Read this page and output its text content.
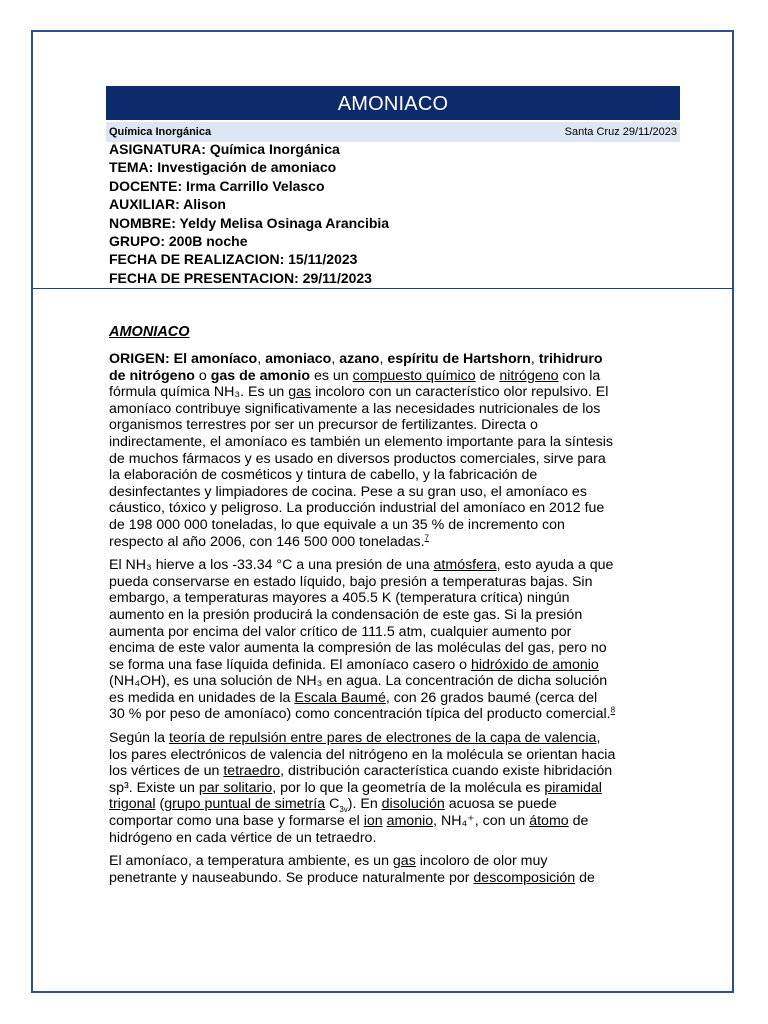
AMONIACO
Química Inorgánica	Santa Cruz 29/11/2023
ASIGNATURA: Química Inorgánica
TEMA: Investigación de amoniaco
DOCENTE: Irma Carrillo Velasco
AUXILIAR: Alison
NOMBRE: Yeldy Melisa Osinaga Arancibia
GRUPO: 200B noche
FECHA DE REALIZACION: 15/11/2023
FECHA DE PRESENTACION: 29/11/2023
AMONIACO

ORIGEN: El amoníaco, amoniaco, azano, espíritu de Hartshorn, trihidruro de nitrógeno o gas de amonio es un compuesto químico de nitrógeno con la fórmula química NH₃. Es un gas incoloro con un característico olor repulsivo. El amoníaco contribuye significativamente a las necesidades nutricionales de los organismos terrestres por ser un precursor de fertilizantes. Directa o indirectamente, el amoníaco es también un elemento importante para la síntesis de muchos fármacos y es usado en diversos productos comerciales, sirve para la elaboración de cosméticos y tintura de cabello, y la fabricación de desinfectantes y limpiadores de cocina. Pese a su gran uso, el amoníaco es cáustico, tóxico y peligroso. La producción industrial del amoníaco en 2012 fue de 198 000 000 toneladas, lo que equivale a un 35 % de incremento con respecto al año 2006, con 146 500 000 toneladas.$^7$

El NH₃ hierve a los -33.34 °C a una presión de una atmósfera, esto ayuda a que pueda conservarse en estado líquido, bajo presión a temperaturas bajas. Sin embargo, a temperaturas mayores a 405.5 K (temperatura crítica) ningún aumento en la presión producirá la condensación de este gas. Si la presión aumenta por encima del valor crítico de 111.5 atm, cualquier aumento por encima de este valor aumenta la compresión de las moléculas del gas, pero no se forma una fase líquida definida. El amoníaco casero o hidróxido de amonio (NH₄OH), es una solución de NH₃ en agua. La concentración de dicha solución es medida en unidades de la Escala Baumé, con 26 grados baumé (cerca del 30 % por peso de amoníaco) como concentración típica del producto comercial.$^8$

Según la teoría de repulsión entre pares de electrones de la capa de valencia, los pares electrónicos de valencia del nitrógeno en la molécula se orientan hacia los vértices de un tetraedro, distribución característica cuando existe hibridación sp³. Existe un par solitario, por lo que la geometría de la molécula es piramidal trigonal (grupo puntual de simetría $C_{3v}$). En disolución acuosa se puede comportar como una base y formarse el ion amonio, NH₄⁺, con un átomo de hidrógeno en cada vértice de un tetraedro.

El amoníaco, a temperatura ambiente, es un gas incoloro de olor muy penetrante y nauseabundo. Se produce naturalmente por descomposición de
